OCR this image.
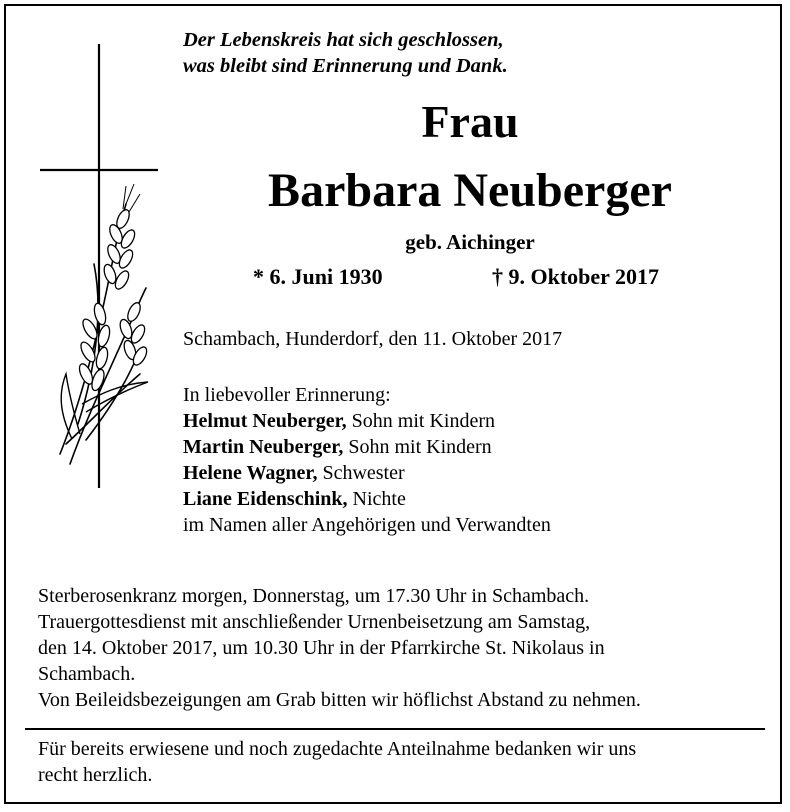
Der Lebenskreis hat sich geschlossen,
was bleibt sind Erinnerung und Dank.
Frau
Barbara Neuberger
geb. Aichinger
* 6. Juni 1930	† 9. Oktober 2017
Schambach, Hunderdorf, den 11. Oktober 2017
In liebevoller Erinnerung:
Helmut Neuberger, Sohn mit Kindern
Martin Neuberger, Sohn mit Kindern
Helene Wagner, Schwester
Liane Eidenschink, Nichte
im Namen aller Angehörigen und Verwandten
Sterberosenkranz morgen, Donnerstag, um 17.30 Uhr in Schambach.
Trauergottesdienst mit anschließender Urnenbeisetzung am Samstag,
den 14. Oktober 2017, um 10.30 Uhr in der Pfarrkirche St. Nikolaus in
Schambach.
Von Beileidsbezeigungen am Grab bitten wir höflichst Abstand zu nehmen.
Für bereits erwiesene und noch zugedachte Anteilnahme bedanken wir uns
recht herzlich.
